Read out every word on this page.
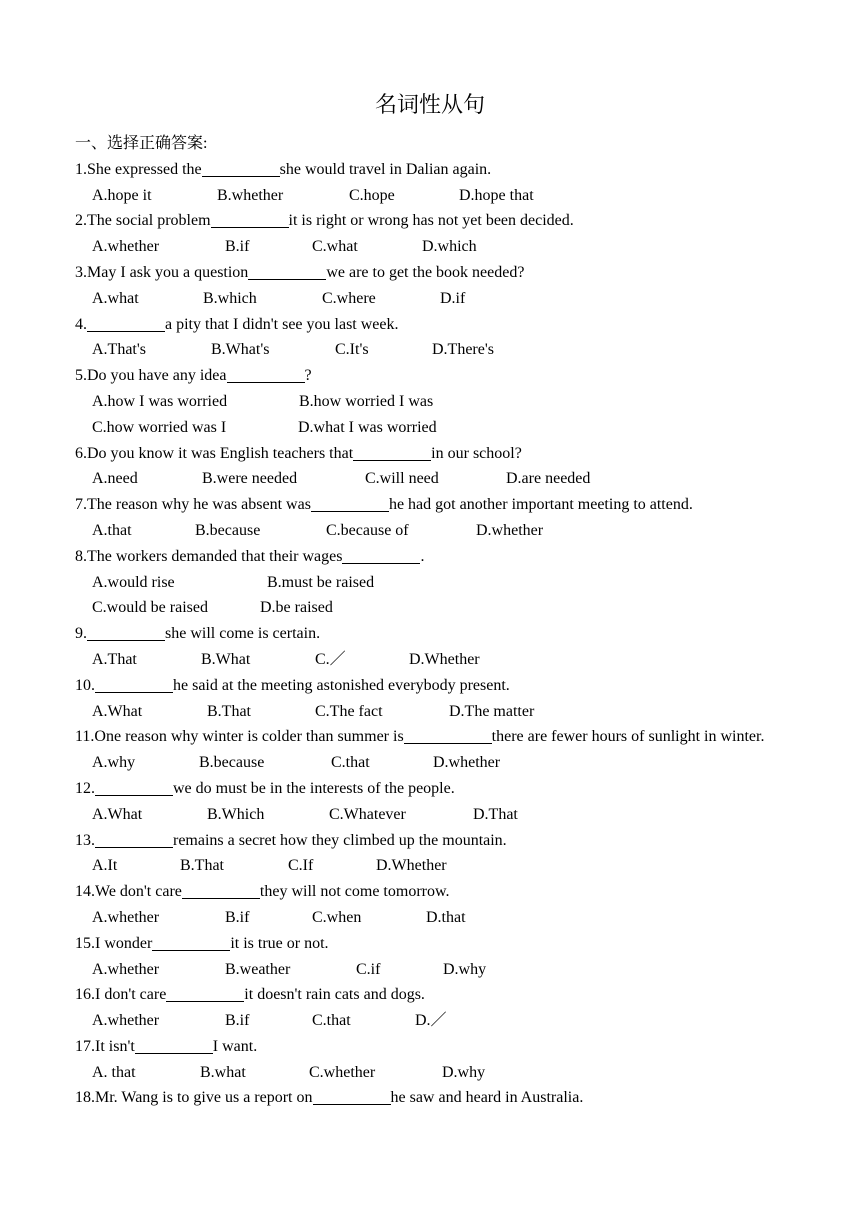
名词性从句
一、选择正确答案:
1.She expressed the	she would travel in Dalian again.
A.hope it	B.whether	C.hope	D.hope that
2.The social problem	it is right or wrong has not yet been decided.
A.whether	B.if	C.what	D.which
3.May I ask you a question	we are to get the book needed?
A.what	B.which	C.where	D.if
4.	a pity that I didn't see you last week.
A.That's	B.What's	C.It's	D.There's
5.Do you have any idea	?
A.how I was worried	B.how worried I was
C.how worried was I	D.what I was worried
6.Do you know it was English teachers that	in our school?
A.need	B.were needed	C.will need	D.are needed
7.The reason why he was absent was	he had got another important meeting to attend.
A.that	B.because	C.because of	D.whether
8.The workers demanded that their wages	.
A.would rise	B.must be raised
C.would be raised	D.be raised
9.	she will come is certain.
A.That	B.What	C.／	D.Whether
10.	he said at the meeting astonished everybody present.
A.What	B.That	C.The fact	D.The matter
11.One reason why winter is colder than summer is	there are fewer hours of sunlight in winter.
A.why	B.because	C.that	D.whether
12.	we do must be in the interests of the people.
A.What	B.Which	C.Whatever	D.That
13.	remains a secret how they climbed up the mountain.
A.It	B.That	C.If	D.Whether
14.We don't care	they will not come tomorrow.
A.whether	B.if	C.when	D.that
15.I wonder	it is true or not.
A.whether	B.weather	C.if	D.why
16.I don't care	it doesn't rain cats and dogs.
A.whether	B.if	C.that	D.／
17.It isn't	I want.
A. that	B.what	C.whether	D.why
18.Mr. Wang is to give us a report on	he saw and heard in Australia.
